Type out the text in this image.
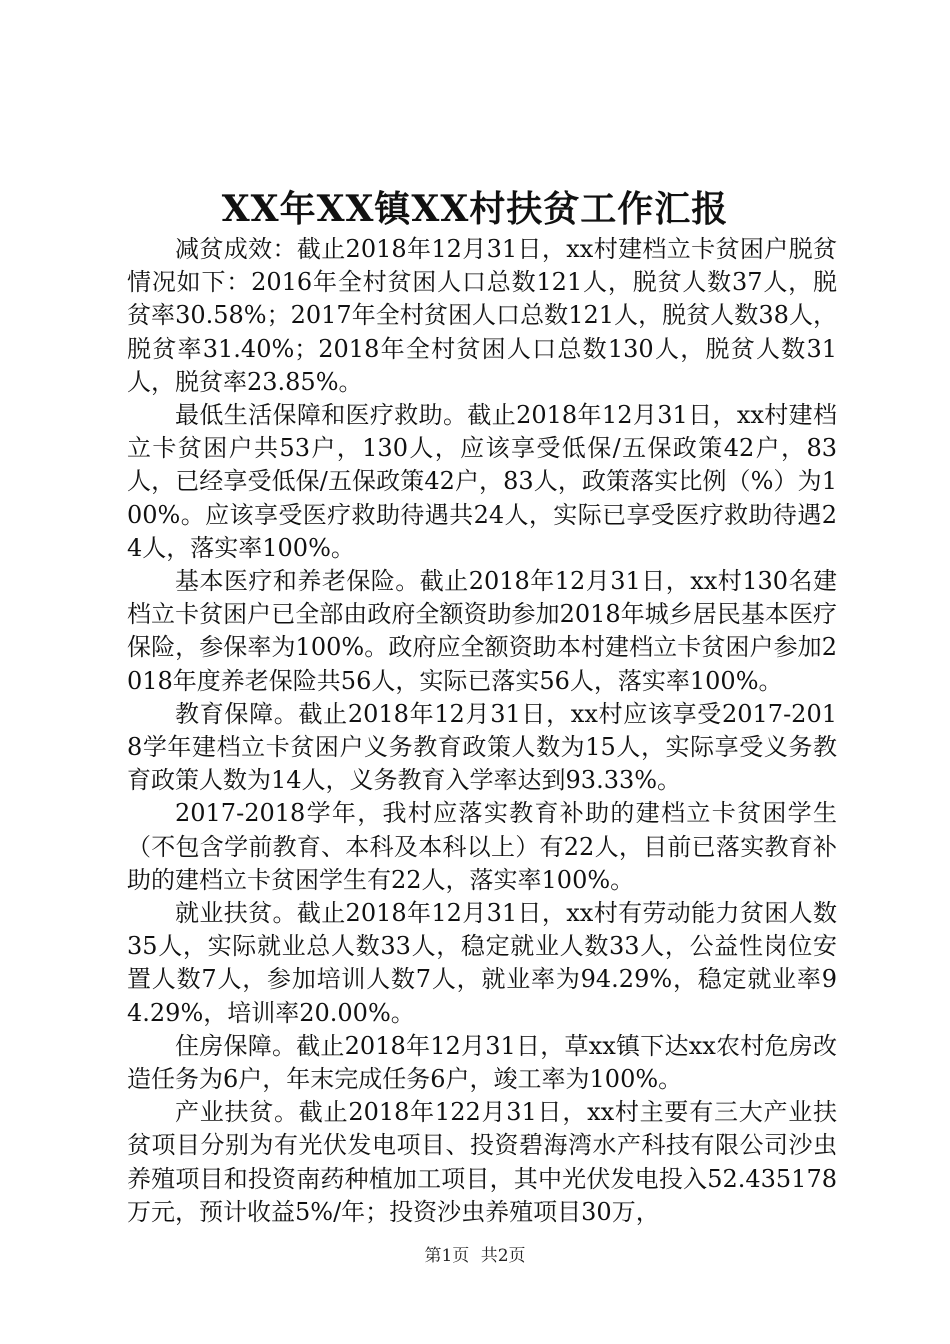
XX年XX镇XX村扶贫工作汇报

减贫成效：截止2018年12月31日，xx村建档立卡贫困户脱贫情况如下：2016年全村贫困人口总数121人，脱贫人数37人，脱贫率30.58%；2017年全村贫困人口总数121人，脱贫人数38人，脱贫率31.40%；2018年全村贫困人口总数130人，脱贫人数31人，脱贫率23.85%。

最低生活保障和医疗救助。截止2018年12月31日，xx村建档立卡贫困户共53户，130人，应该享受低保/五保政策42户，83人，已经享受低保/五保政策42户，83人，政策落实比例（%）为100%。应该享受医疗救助待遇共24人，实际已享受医疗救助待遇24人，落实率100%。

基本医疗和养老保险。截止2018年12月31日，xx村130名建档立卡贫困户已全部由政府全额资助参加2018年城乡居民基本医疗保险，参保率为100%。政府应全额资助本村建档立卡贫困户参加2018年度养老保险共56人，实际已落实56人，落实率100%。

教育保障。截止2018年12月31日，xx村应该享受2017-2018学年建档立卡贫困户义务教育政策人数为15人，实际享受义务教育政策人数为14人，义务教育入学率达到93.33%。

2017-2018学年，我村应落实教育补助的建档立卡贫困学生（不包含学前教育、本科及本科以上）有22人，目前已落实教育补助的建档立卡贫困学生有22人，落实率100%。

就业扶贫。截止2018年12月31日，xx村有劳动能力贫困人数35人，实际就业总人数33人，稳定就业人数33人，公益性岗位安置人数7人，参加培训人数7人，就业率为94.29%，稳定就业率94.29%，培训率20.00%。

住房保障。截止2018年12月31日，草xx镇下达xx农村危房改造任务为6户，年末完成任务6户，竣工率为100%。

产业扶贫。截止2018年122月31日，xx村主要有三大产业扶贫项目分别为有光伏发电项目、投资碧海湾水产科技有限公司沙虫养殖项目和投资南药种植加工项目，其中光伏发电投入52.435178万元，预计收益5%/年；投资沙虫养殖项目30万，

第1页 共2页
